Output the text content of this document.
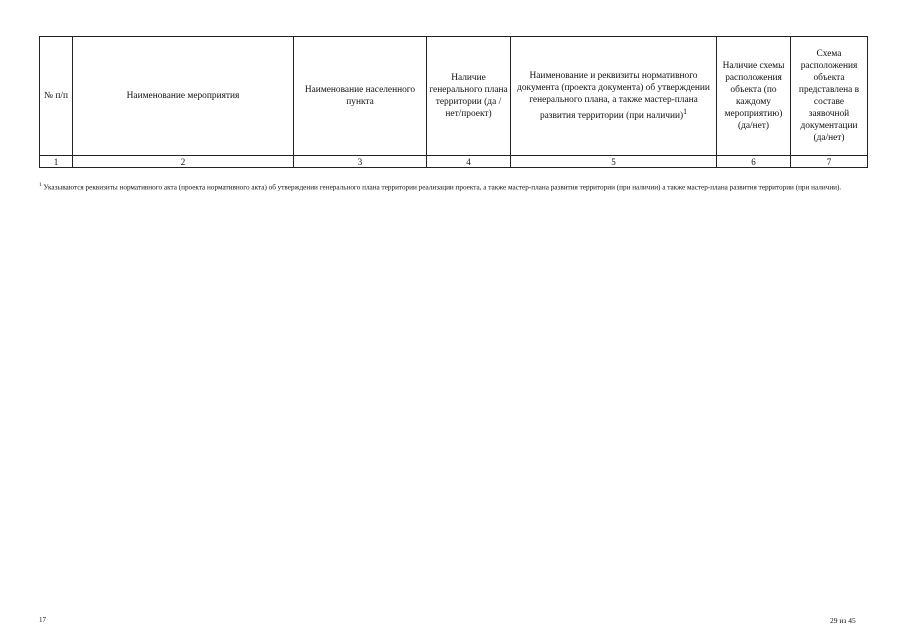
№ п/п	Наименование мероприятия	Наименование населенного пункта	Наличие генерального плана территории (да /нет/проект)	Наименование и реквизиты нормативного документа (проекта документа) об утверждении генерального плана, а также мастер-плана развития территории (при наличии)$^1$	Наличие схемы расположения объекта (по каждому мероприятию) (да/нет)	Схема расположения объекта представлена в составе заявочной документации (да/нет)
1	2	3	4	5	6	7
$^1$ Указываются реквизиты нормативного акта (проекта нормативного акта) об утверждении генерального плана территории реализации проекта, а также мастер-плана развития территории (при наличии) а также мастер-плана развития территории (при наличии).
17	29 из 45
